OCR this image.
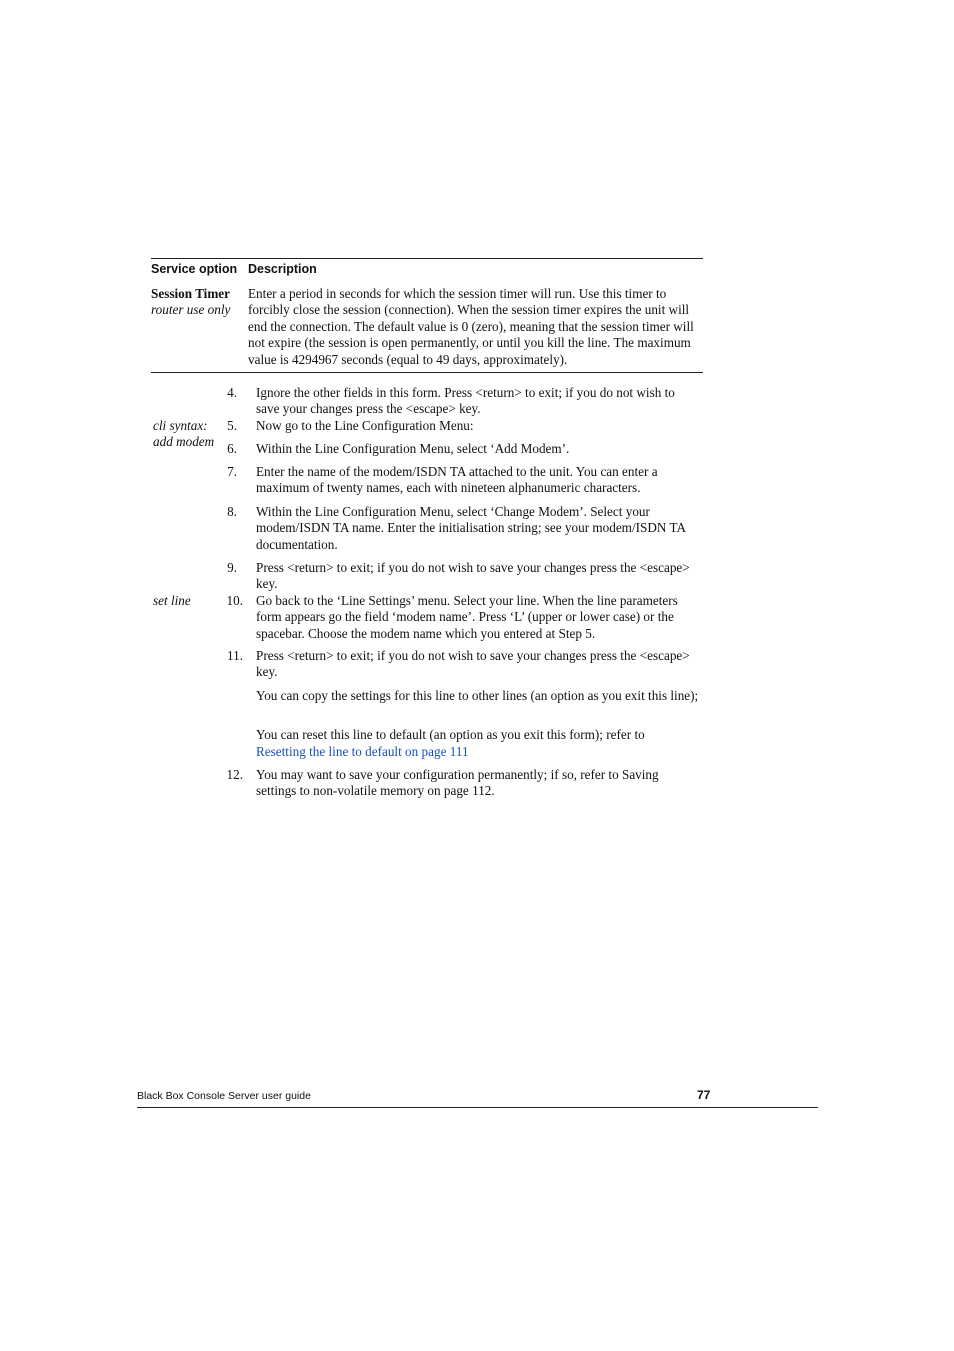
Service option Description
Session Timer
router use only
Enter a period in seconds for which the session timer will run. Use this timer to forcibly close the session (connection). When the session timer expires the unit will end the connection. The default value is 0 (zero), meaning that the session timer will not expire (the session is open permanently, or until you kill the line. The maximum value is 4294967 seconds (equal to 49 days, approximately).
cli syntax:
add modem
set line
4. Ignore the other fields in this form. Press <return> to exit; if you do not wish to save your changes press the <escape> key.
5. Now go to the Line Configuration Menu:
6. Within the Line Configuration Menu, select ‘Add Modem’.
7. Enter the name of the modem/ISDN TA attached to the unit. You can enter a maximum of twenty names, each with nineteen alphanumeric characters.
8. Within the Line Configuration Menu, select ‘Change Modem’. Select your modem/ISDN TA name. Enter the initialisation string; see your modem/ISDN TA documentation.
9. Press <return> to exit; if you do not wish to save your changes press the <escape> key.
10. Go back to the ‘Line Settings’ menu. Select your line. When the line parameters form appears go the field ‘modem name’. Press ‘L’ (upper or lower case) or the spacebar. Choose the modem name which you entered at Step 5.
11. Press <return> to exit; if you do not wish to save your changes press the <escape> key.
You can copy the settings for this line to other lines (an option as you exit this line);
You can reset this line to default (an option as you exit this form); refer to
Resetting the line to default on page 111
12. You may want to save your configuration permanently; if so, refer to Saving settings to non-volatile memory on page 112.
Black Box Console Server user guide	77
